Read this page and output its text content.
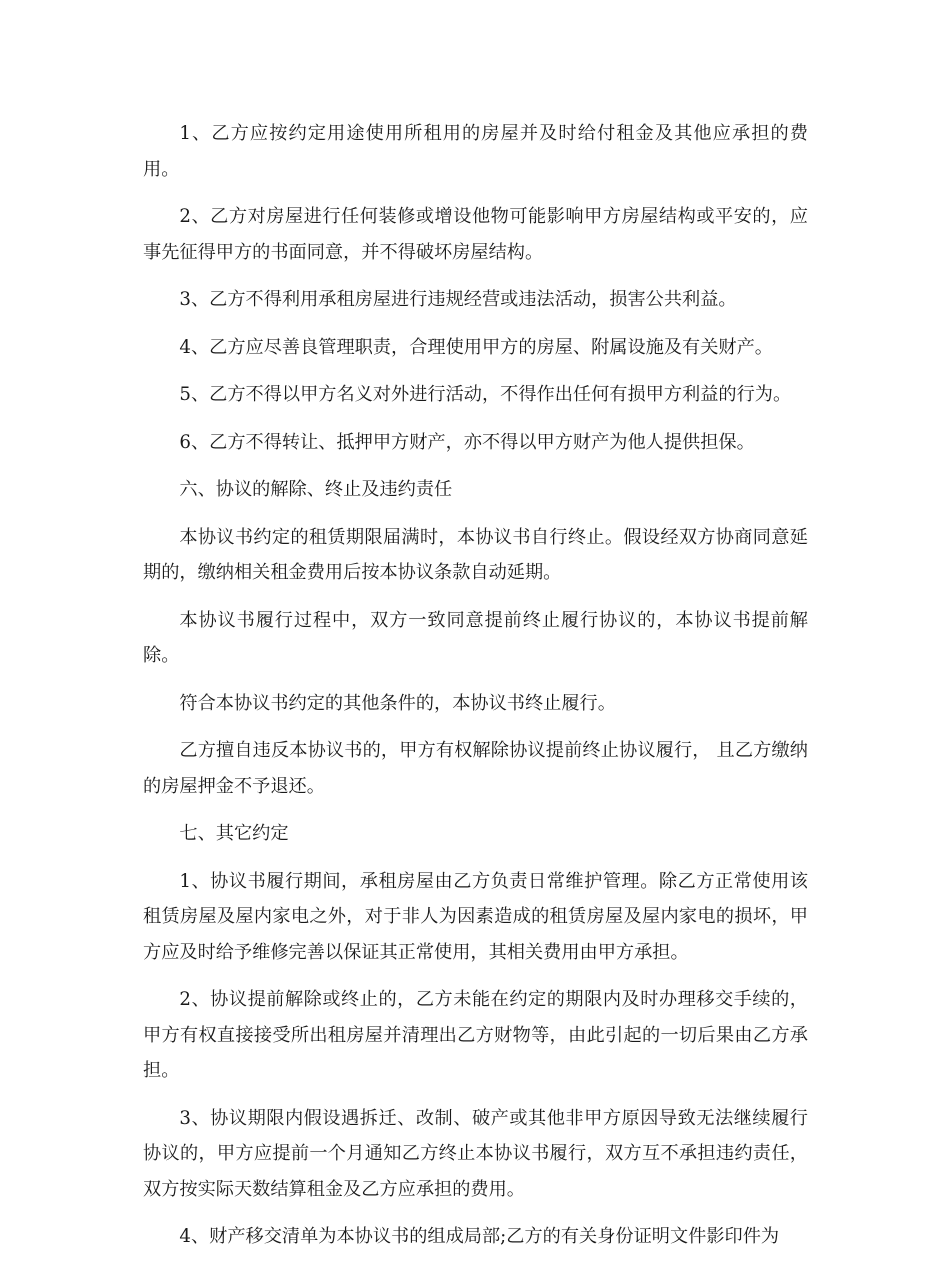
1、乙方应按约定用途使用所租用的房屋并及时给付租金及其他应承担的费用。

2、乙方对房屋进行任何装修或增设他物可能影响甲方房屋结构或平安的，应事先征得甲方的书面同意，并不得破坏房屋结构。

3、乙方不得利用承租房屋进行违规经营或违法活动，损害公共利益。

4、乙方应尽善良管理职责，合理使用甲方的房屋、附属设施及有关财产。

5、乙方不得以甲方名义对外进行活动，不得作出任何有损甲方利益的行为。

6、乙方不得转让、抵押甲方财产，亦不得以甲方财产为他人提供担保。

六、协议的解除、终止及违约责任

本协议书约定的租赁期限届满时，本协议书自行终止。假设经双方协商同意延期的，缴纳相关租金费用后按本协议条款自动延期。

本协议书履行过程中，双方一致同意提前终止履行协议的，本协议书提前解除。

符合本协议书约定的其他条件的，本协议书终止履行。

乙方擅自违反本协议书的，甲方有权解除协议提前终止协议履行， 且乙方缴纳的房屋押金不予退还。

七、其它约定

1、协议书履行期间，承租房屋由乙方负责日常维护管理。除乙方正常使用该租赁房屋及屋内家电之外，对于非人为因素造成的租赁房屋及屋内家电的损坏，甲方应及时给予维修完善以保证其正常使用，其相关费用由甲方承担。

2、协议提前解除或终止的，乙方未能在约定的期限内及时办理移交手续的，甲方有权直接接受所出租房屋并清理出乙方财物等，由此引起的一切后果由乙方承担。

3、协议期限内假设遇拆迁、改制、破产或其他非甲方原因导致无法继续履行协议的，甲方应提前一个月通知乙方终止本协议书履行，双方互不承担违约责任，双方按实际天数结算租金及乙方应承担的费用。

4、财产移交清单为本协议书的组成局部;乙方的有关身份证明文件影印件为
